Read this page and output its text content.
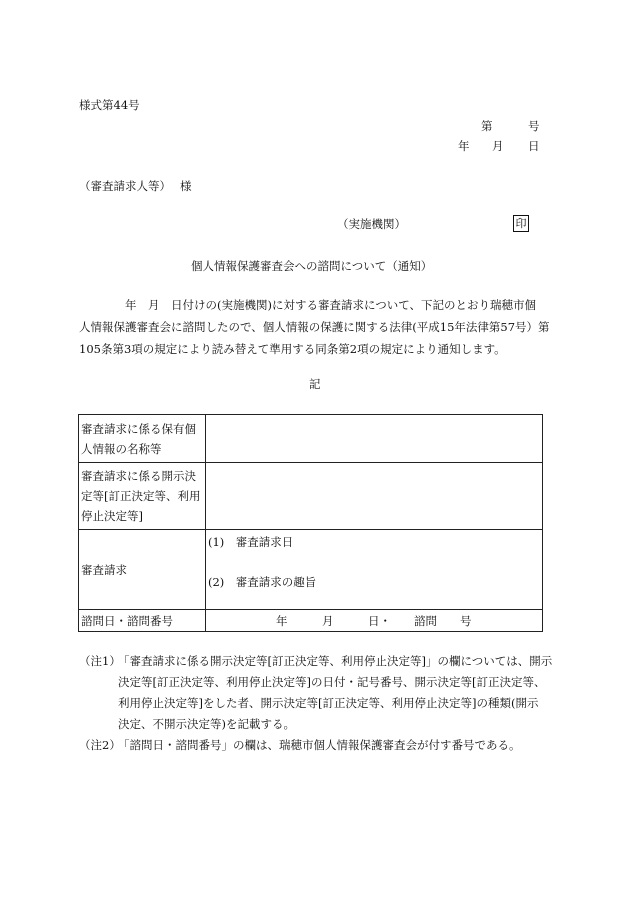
様式第44号
第	号
年 月 日
（審査請求人等） 様
（実施機関）	印
個人情報保護審査会への諮問について（通知）
年　月　日付けの(実施機関)に対する審査請求について、下記のとおり瑞穂市個
人情報保護審査会に諮問したので、個人情報の保護に関する法律(平成15年法律第57号）第
105条第3項の規定により読み替えて準用する同条第2項の規定により通知します。
記
審査請求に係る保有個
人情報の名称等	

審査請求に係る開示決
定等[訂正決定等、利用
停止決定等]	

審査請求	(1)　審査請求日
(2)　審査請求の趣旨

諮問日・諮問番号	年　　　月　　　日・　　諮問　　号
（注1）
「審査請求に係る開示決定等[訂正決定等、利用停止決定等]」の欄については、開示
決定等[訂正決定等、利用停止決定等]の日付・記号番号、開示決定等[訂正決定等、
利用停止決定等]をした者、開示決定等[訂正決定等、利用停止決定等]の種類(開示
決定、不開示決定等)を記載する。
（注2）
「諮問日・諮問番号」の欄は、瑞穂市個人情報保護審査会が付す番号である。
